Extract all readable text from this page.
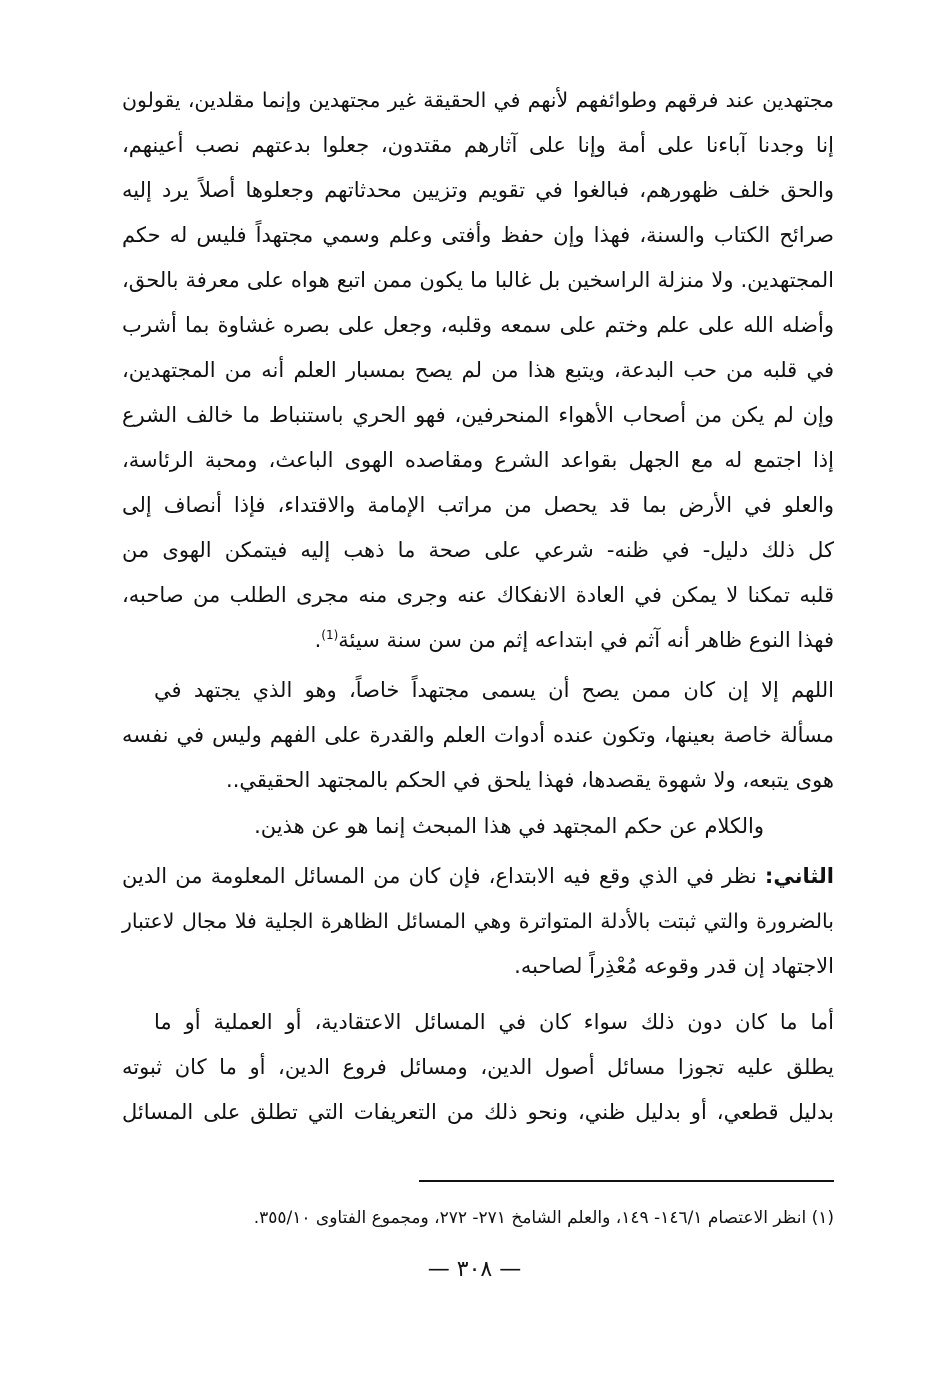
مجتهدين عند فرقهم وطوائفهم لأنهم في الحقيقة غير مجتهدين وإنما مقلدين، يقولون
إنا وجدنا آباءنا على أمة وإنا على آثارهم مقتدون، جعلوا بدعتهم نصب أعينهم،
والحق خلف ظهورهم، فبالغوا في تقويم وتزيين محدثاتهم وجعلوها أصلاً يرد إليه
صرائح الكتاب والسنة، فهذا وإن حفظ وأفتى وعلم وسمي مجتهداً فليس له حكم
المجتهدين. ولا منزلة الراسخين بل غالبا ما يكون ممن اتبع هواه على معرفة بالحق،
وأضله الله على علم وختم على سمعه وقلبه، وجعل على بصره غشاوة بما أشرب
في قلبه من حب البدعة، ويتبع هذا من لم يصح بمسبار العلم أنه من المجتهدين،
وإن لم يكن من أصحاب الأهواء المنحرفين، فهو الحري باستنباط ما خالف الشرع
إذا اجتمع له مع الجهل بقواعد الشرع ومقاصده الهوى الباعث، ومحبة الرئاسة،
والعلو في الأرض بما قد يحصل من مراتب الإمامة والاقتداء، فإذا أنصاف إلى
كل ذلك دليل- في ظنه- شرعي على صحة ما ذهب إليه فيتمكن الهوى من
قلبه تمكنا لا يمكن في العادة الانفكاك عنه وجرى منه مجرى الطلب من صاحبه،
فهذا النوع ظاهر أنه آثم في ابتداعه إثم من سن سنة سيئة$^{(1)}$.
اللهم إلا إن كان ممن يصح أن يسمى مجتهداً خاصاً، وهو الذي يجتهد في
مسألة خاصة بعينها، وتكون عنده أدوات العلم والقدرة على الفهم وليس في نفسه
هوى يتبعه، ولا شهوة يقصدها، فهذا يلحق في الحكم بالمجتهد الحقيقي..
والكلام عن حكم المجتهد في هذا المبحث إنما هو عن هذين.
الثاني: نظر في الذي وقع فيه الابتداع، فإن كان من المسائل المعلومة من الدين
بالضرورة والتي ثبتت بالأدلة المتواترة وهي المسائل الظاهرة الجلية فلا مجال لاعتبار
الاجتهاد إن قدر وقوعه مُعْذِراً لصاحبه.
أما ما كان دون ذلك سواء كان في المسائل الاعتقادية، أو العملية أو ما
يطلق عليه تجوزا مسائل أصول الدين، ومسائل فروع الدين، أو ما كان ثبوته
بدليل قطعي، أو بدليل ظني، ونحو ذلك من التعريفات التي تطلق على المسائل
(١) انظر الاعتصام ١٤٦/١- ١٤٩، والعلم الشامخ ٢٧١- ٢٧٢، ومجموع الفتاوى ٣٥٥/١٠.
— ٣٠٨ —
